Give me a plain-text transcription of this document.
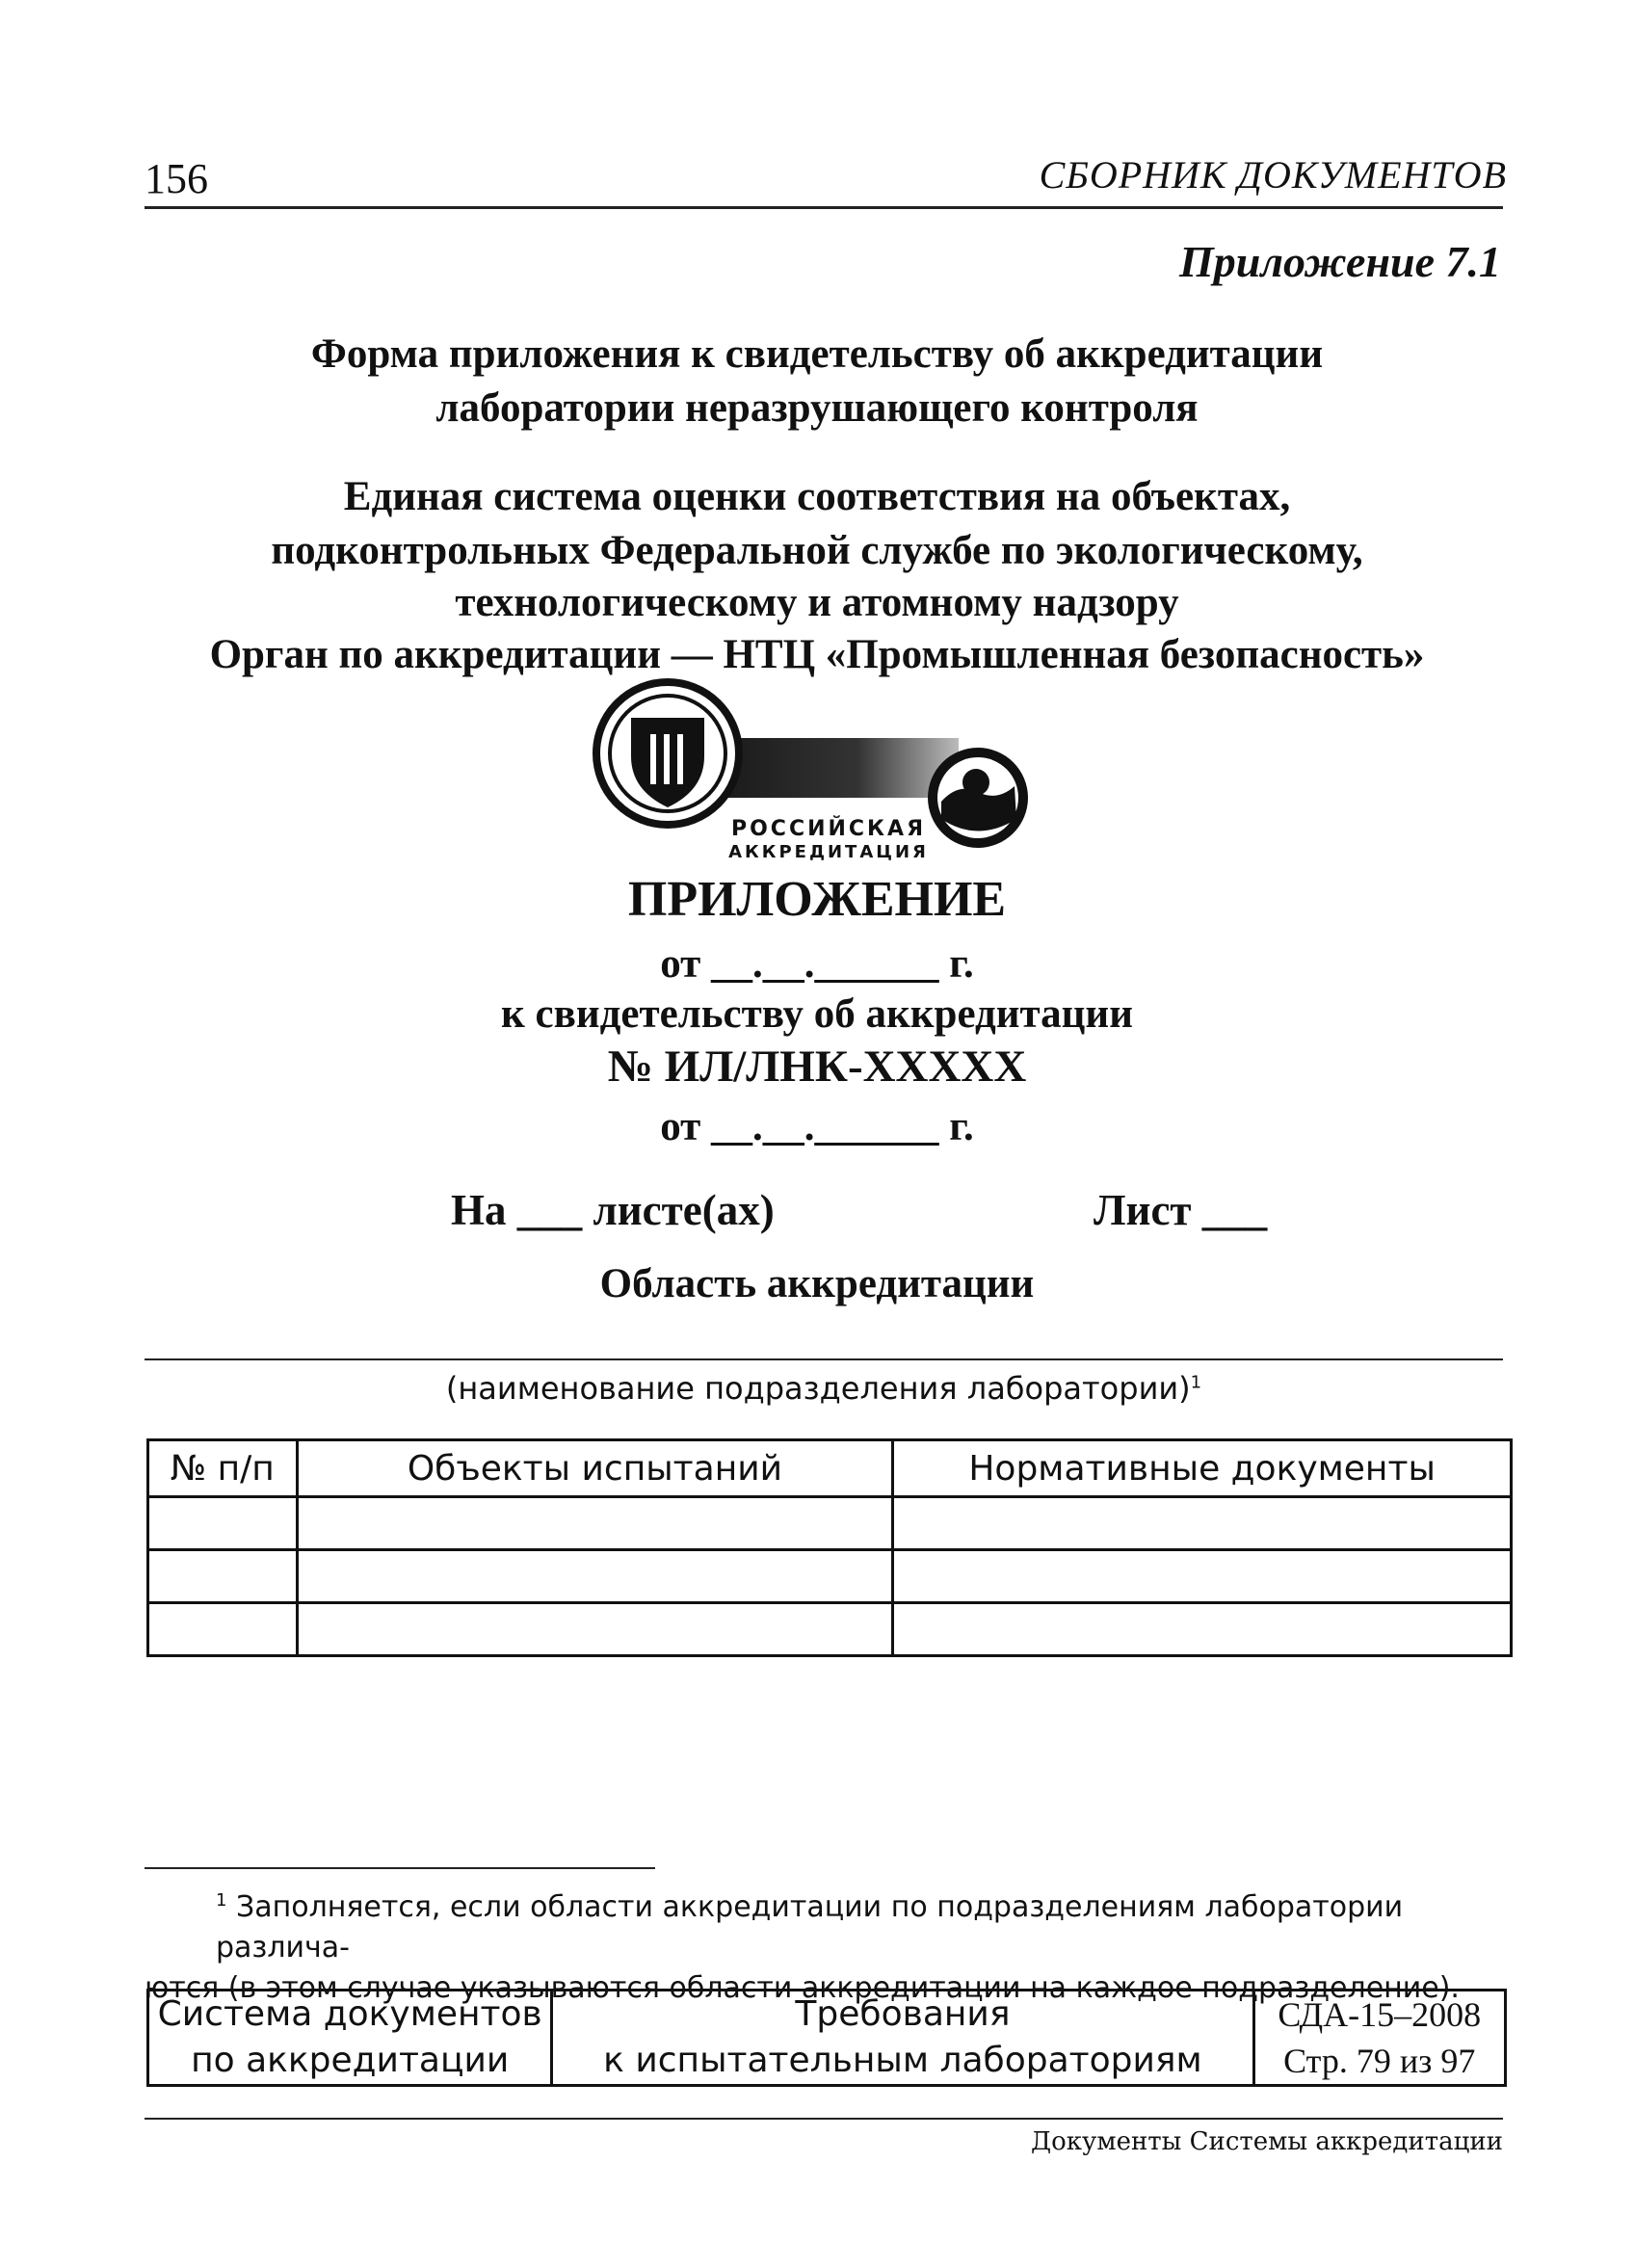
156	СБОРНИК ДОКУМЕНТОВ
Приложение 7.1
Форма приложения к свидетельству об аккредитации
лаборатории неразрушающего контроля
Единая система оценки соответствия на объектах,
подконтрольных Федеральной службе по экологическому,
технологическому и атомному надзору
Орган по аккредитации — НТЦ «Промышленная безопасность»
РОССИЙСКАЯ
АККРЕДИТАЦИЯ
ПРИЛОЖЕНИЕ
от __.__.______ г.
к свидетельству об аккредитации
№ ИЛ/ЛНК-XXXXX
от __.__.______ г.
На ___ листе(ах)	Лист ___
Область аккредитации
(наименование подразделения лаборатории)$^1$
№ п/п	Объекты испытаний	Нормативные документы

$^1$ Заполняется, если области аккредитации по подразделениям лаборатории различа-
ются (в этом случае указываются области аккредитации на каждое подразделение).
Система документов
по аккредитации

Требования
к испытательным лабораториям

СДА-15–2008
Стр. 79 из 97
Документы Системы аккредитации
